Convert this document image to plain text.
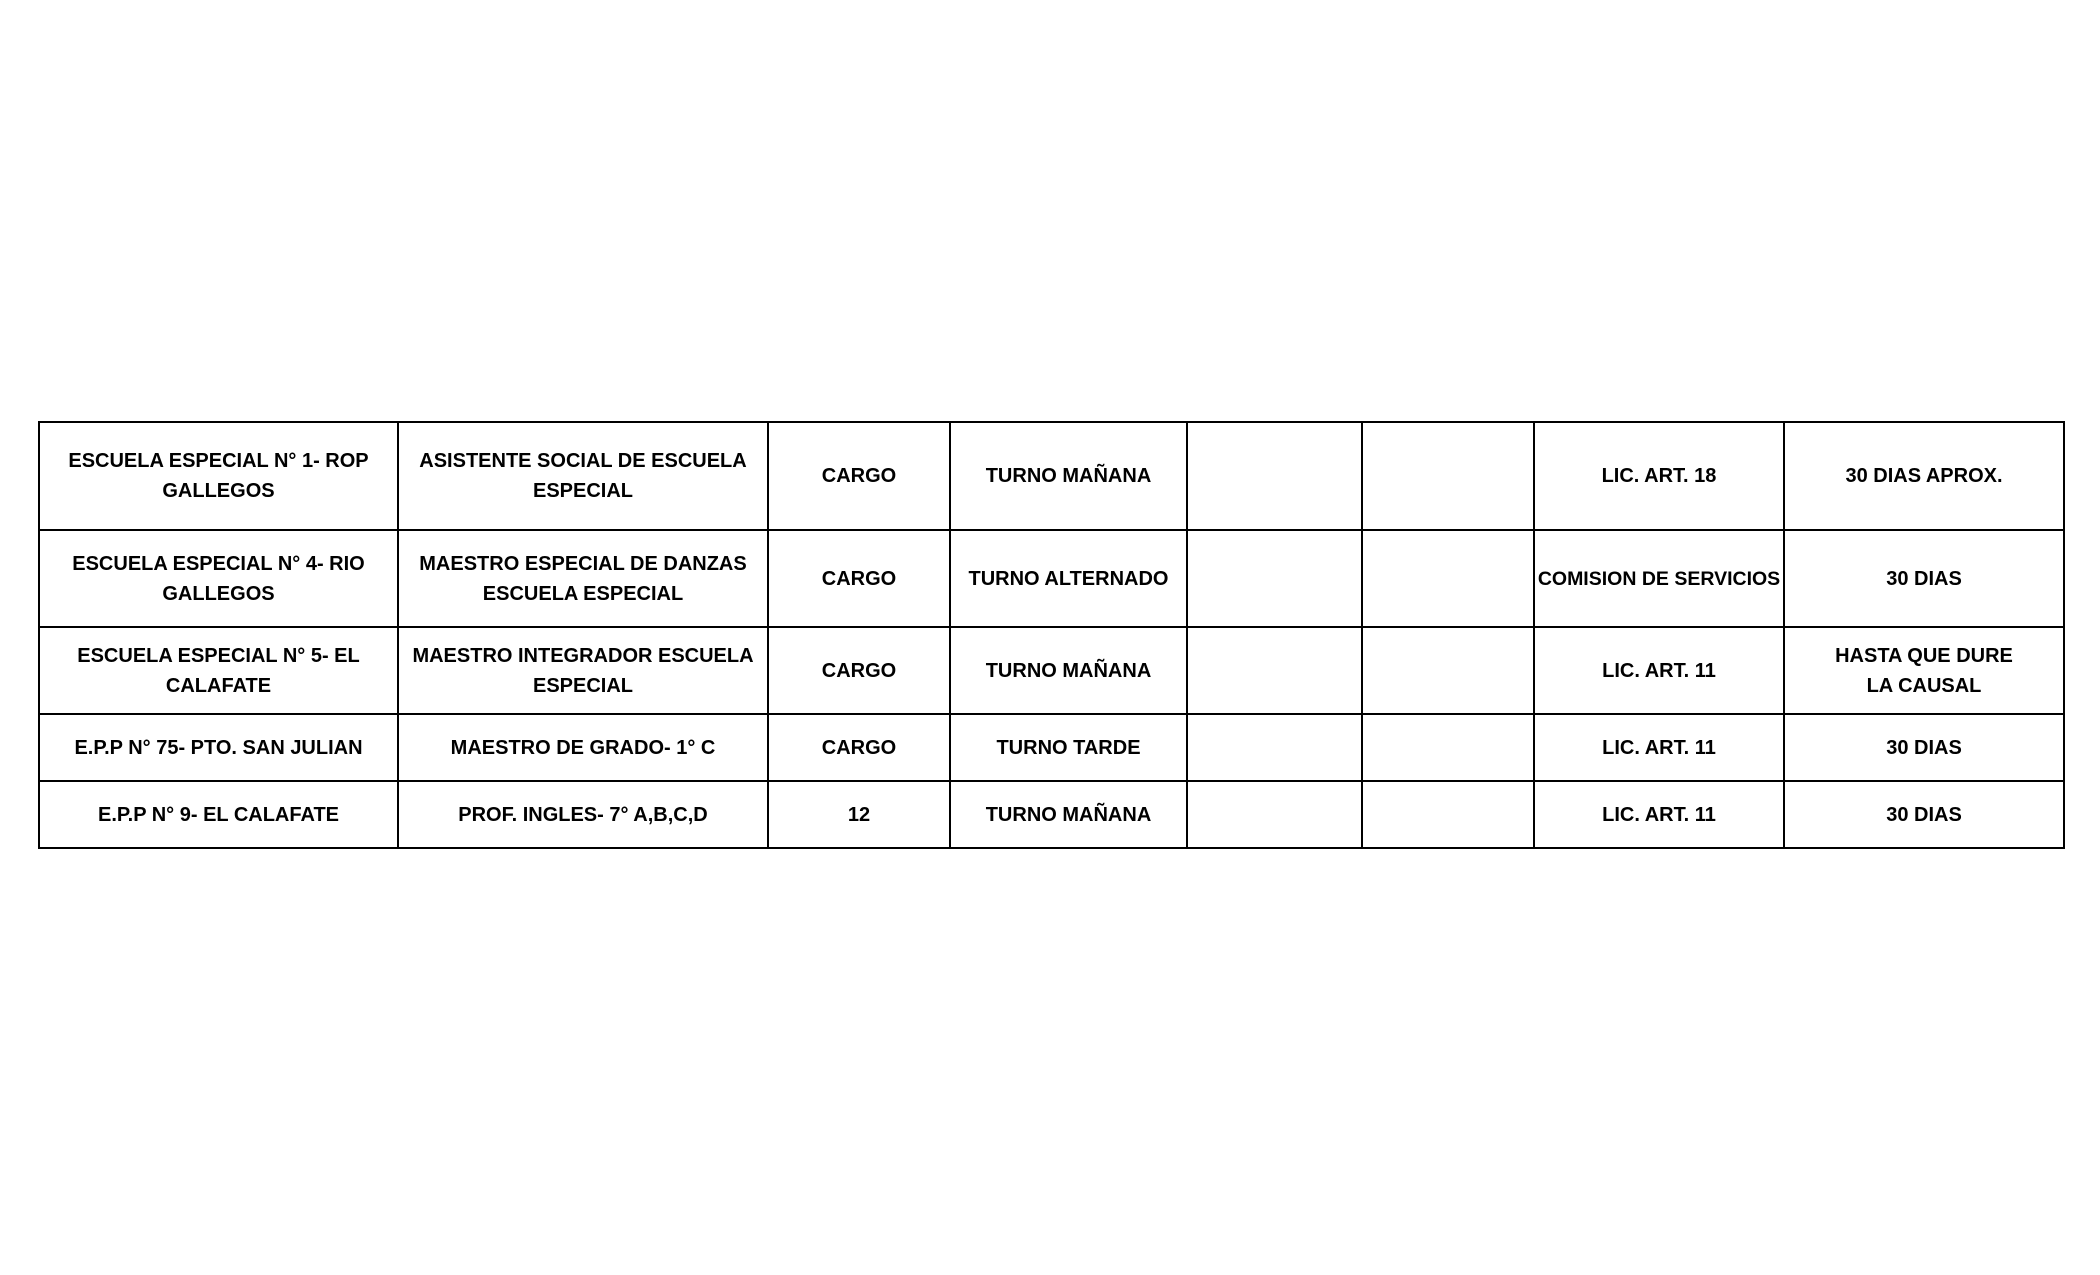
ESCUELA ESPECIAL N° 1- ROP GALLEGOS	ASISTENTE SOCIAL DE ESCUELA ESPECIAL	CARGO	TURNO MAÑANA			LIC. ART. 18	30 DIAS APROX.
ESCUELA ESPECIAL N° 4- RIO GALLEGOS	MAESTRO ESPECIAL DE DANZAS ESCUELA ESPECIAL	CARGO	TURNO ALTERNADO			COMISION DE SERVICIOS	30 DIAS
ESCUELA ESPECIAL N° 5- EL CALAFATE	MAESTRO INTEGRADOR ESCUELA ESPECIAL	CARGO	TURNO MAÑANA			LIC. ART. 11	HASTA QUE DURE LA CAUSAL
E.P.P N° 75- PTO. SAN JULIAN	MAESTRO DE GRADO- 1° C	CARGO	TURNO TARDE			LIC. ART. 11	30 DIAS
E.P.P N° 9- EL CALAFATE	PROF. INGLES- 7° A,B,C,D	12	TURNO MAÑANA			LIC. ART. 11	30 DIAS
